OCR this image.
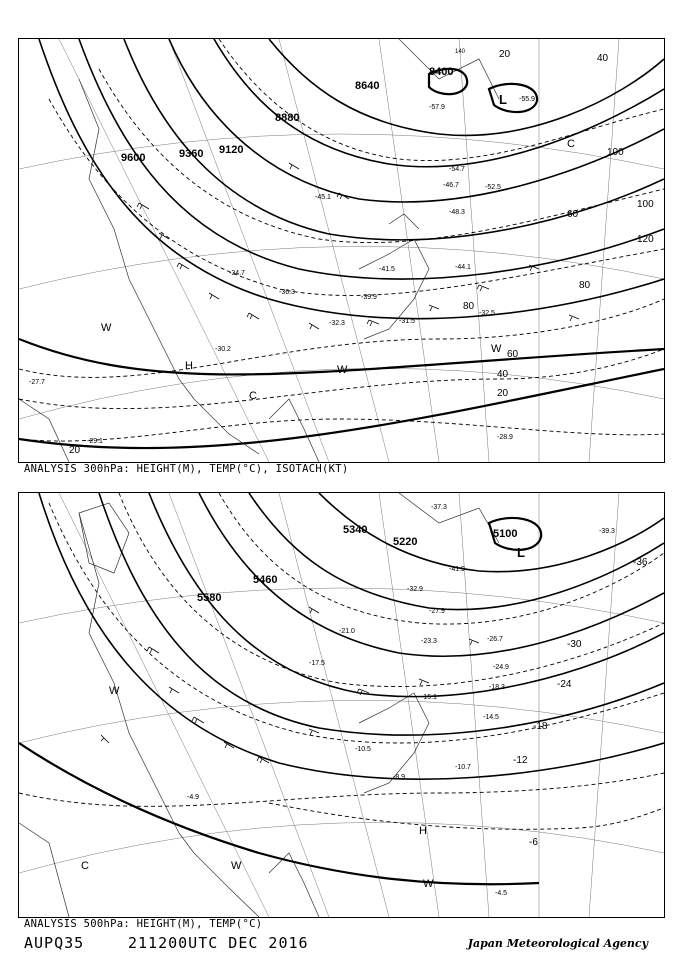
8400
8640
8880
9120
9360
9600
20	40
60
80
100
120
100
80
60
40
20
20
-52.5
-57.9
-55.9
-54.7
-46.7
-48.3
-44.1
-39.9
-36.3
-32.3	-31.5
-32.5
-28.9
-29.1
-27.7
-45.1
-41.5
-34.7
-30.2
L
H
W
W
W
C
C
140
ANALYSIS 300hPa: HEIGHT(M), TEMP(°C), ISOTACH(KT)
5100
5220
5340
5460
5580
-36
-30
-24
-18
-12
-6
-39.3
-37.3
-41.9
-32.9
-27.9
-26.7
-23.3
-24.9
-18.3
-14.5
-10.7
-8.9
-10.5
-15.1
-4.9
-4.5
-17.5
-21.0
L
H
W
W
W
C
ANALYSIS 500hPa: HEIGHT(M), TEMP(°C)
AUPQ35	211200UTC DEC 2016	Japan Meteorological Agency
